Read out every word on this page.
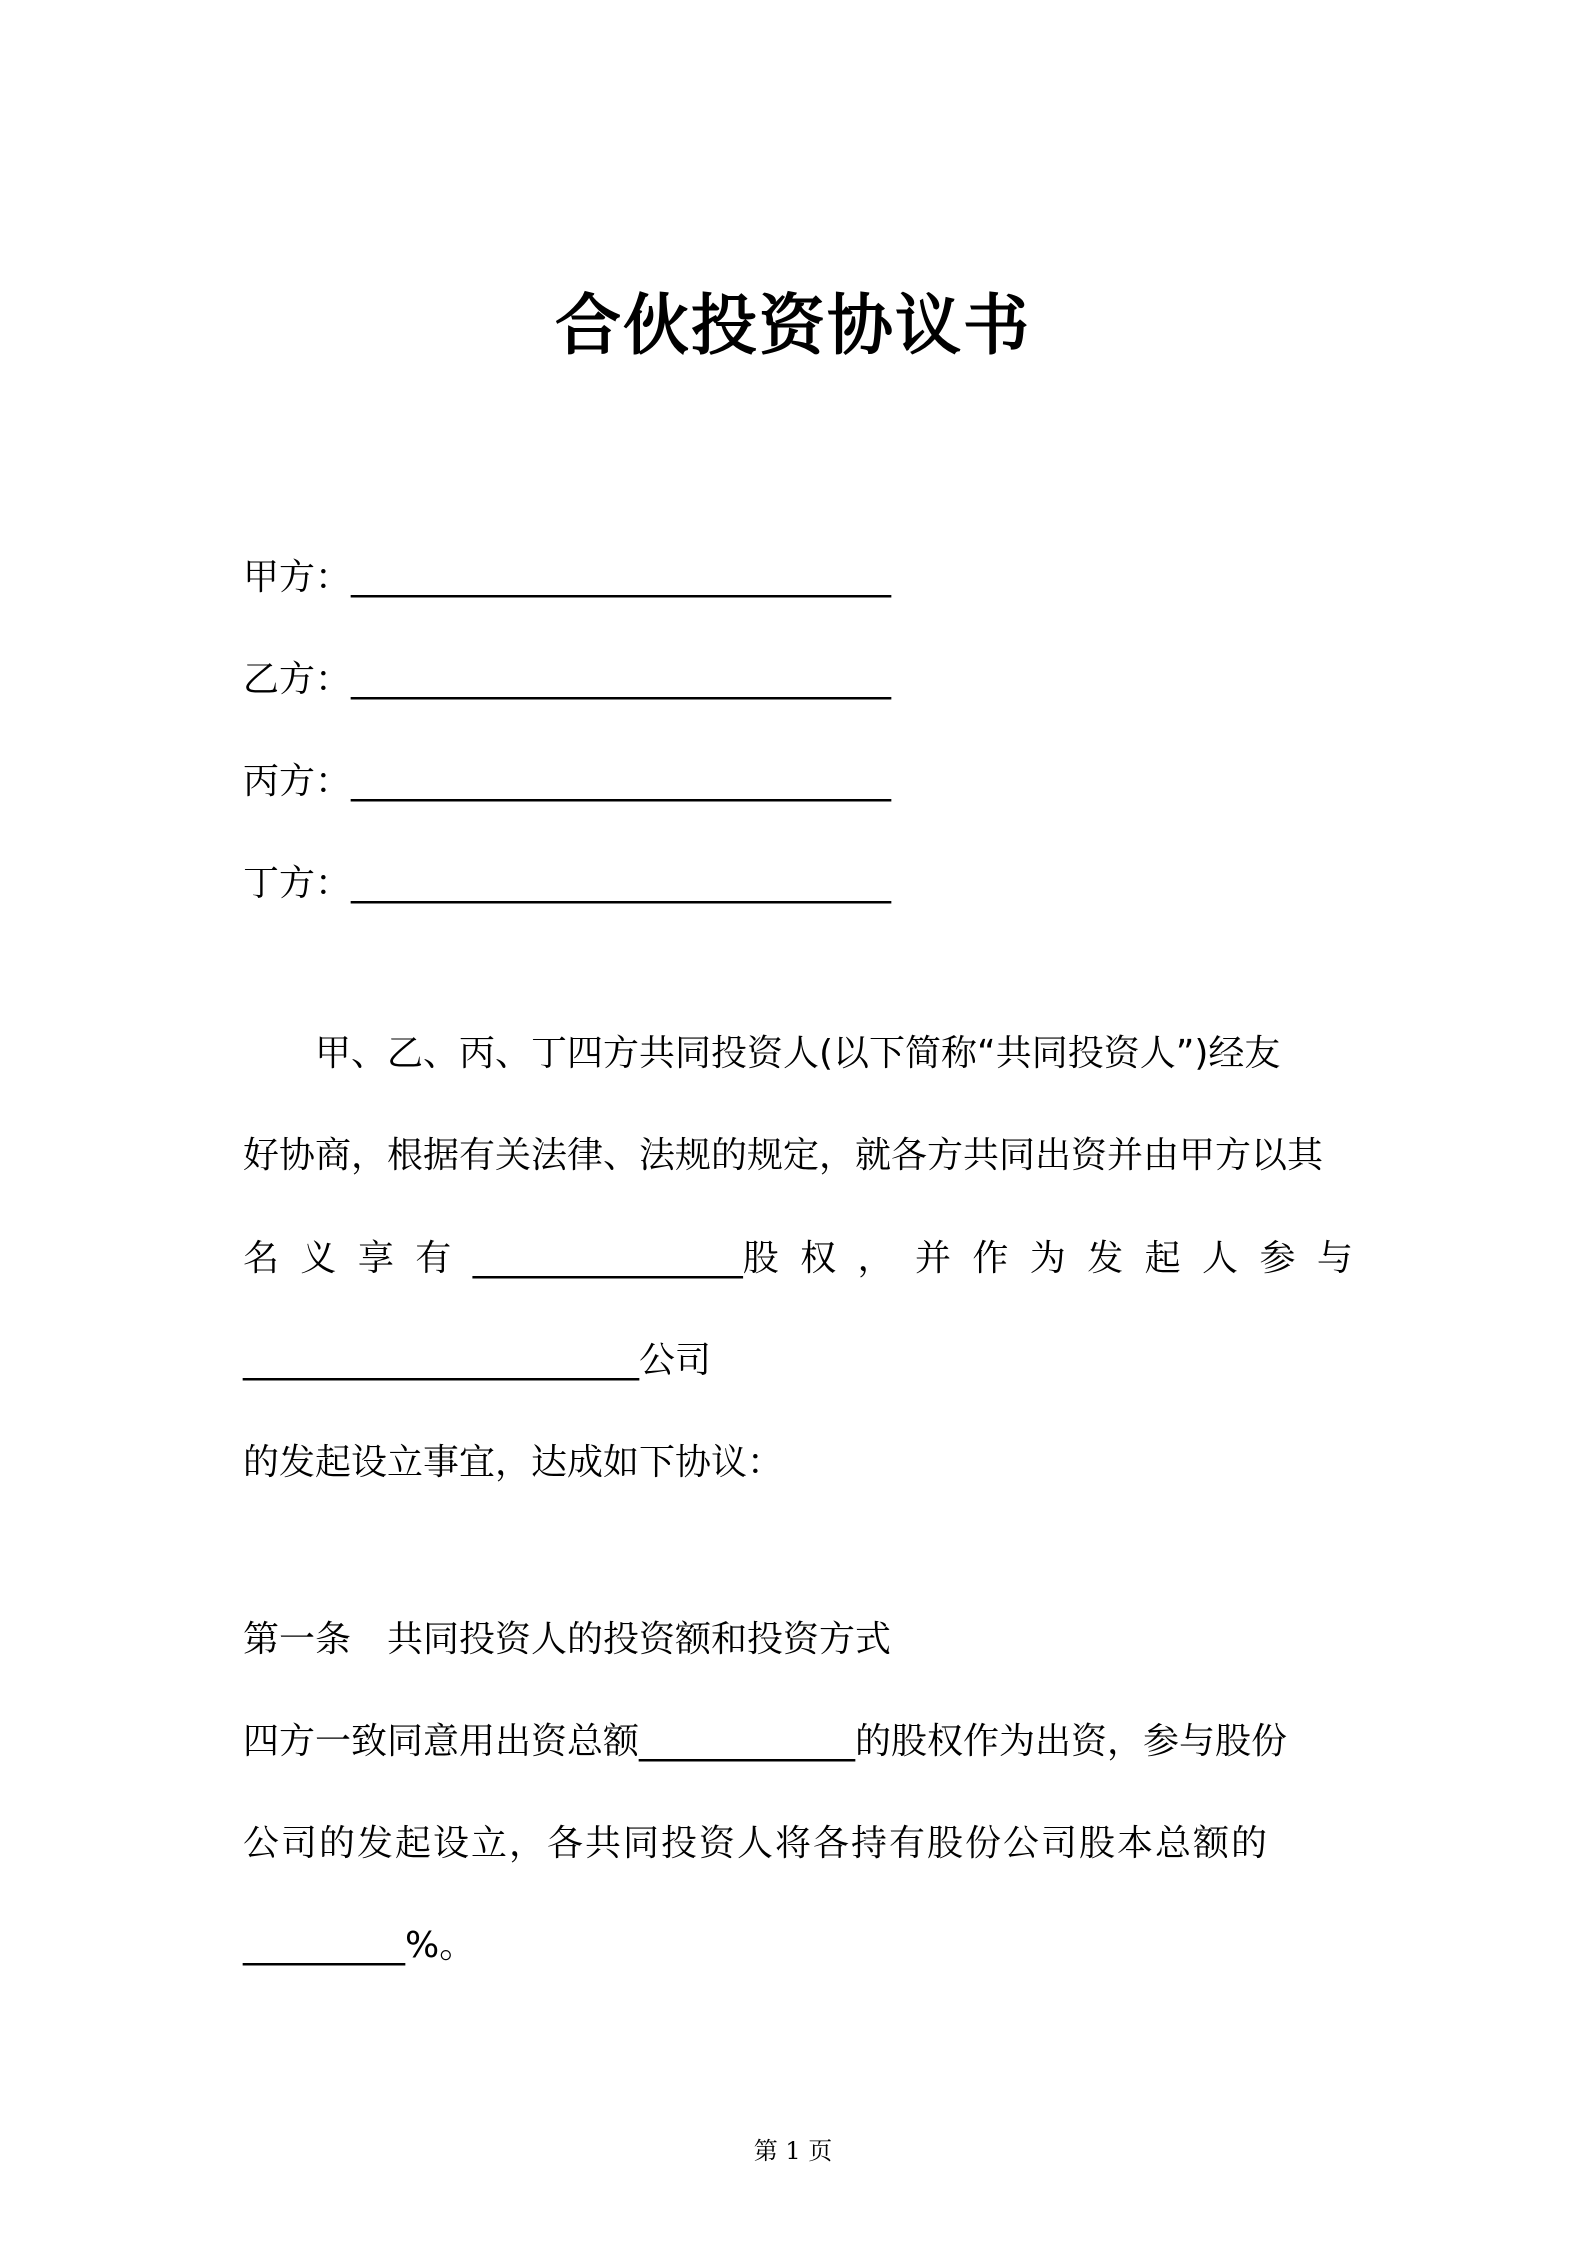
合伙投资协议书
甲方：______________________________
乙方：______________________________
丙方：______________________________
丁方：______________________________
甲、乙、丙、丁四方共同投资人(以下简称“共同投资人”)经友
好协商，根据有关法律、法规的规定，就各方共同出资并由甲方以其
名 义 享 有 _______________股 权 ， 并 作 为 发 起 人 参 与
______________________公司
的发起设立事宜，达成如下协议：
第一条 共同投资人的投资额和投资方式
四方一致同意用出资总额____________的股权作为出资，参与股份
公司的发起设立，各共同投资人将各持有股份公司股本总额的
_________%。
第 1 页
